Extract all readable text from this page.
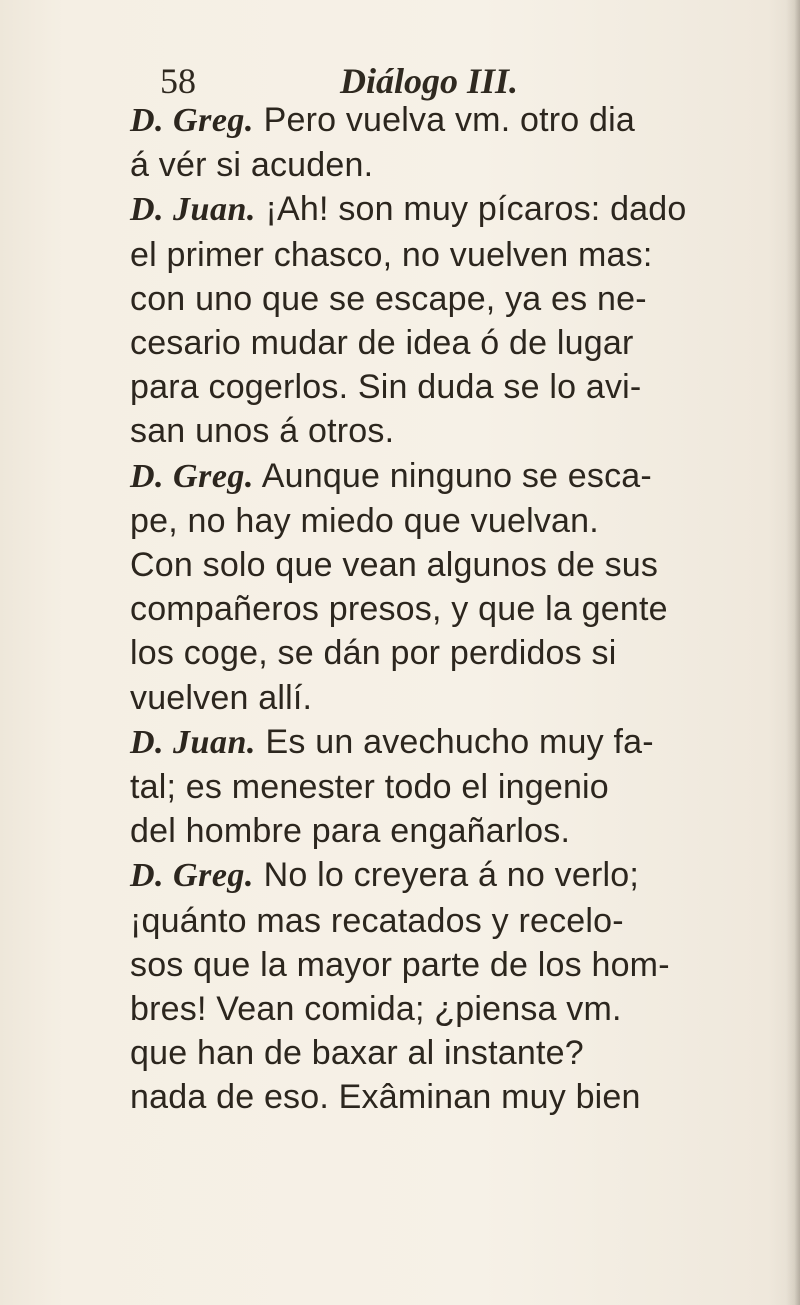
58	Diálogo III.

D. Greg. Pero vuelva vm. otro dia
á vér si acuden.

D. Juan. ¡Ah! son muy pícaros: dado
el primer chasco, no vuelven mas:
con uno que se escape, ya es ne-
cesario mudar de idea ó de lugar
para cogerlos. Sin duda se lo avi-
san unos á otros.

D. Greg. Aunque ninguno se esca-
pe, no hay miedo que vuelvan.
Con solo que vean algunos de sus
compañeros presos, y que la gente
los coge, se dán por perdidos si
vuelven allí.

D. Juan. Es un avechucho muy fa-
tal; es menester todo el ingenio
del hombre para engañarlos.

D. Greg. No lo creyera á no verlo;
¡quánto mas recatados y recelo-
sos que la mayor parte de los hom-
bres! Vean comida; ¿piensa vm.
que han de baxar al instante?
nada de eso. Exâminan muy bien
